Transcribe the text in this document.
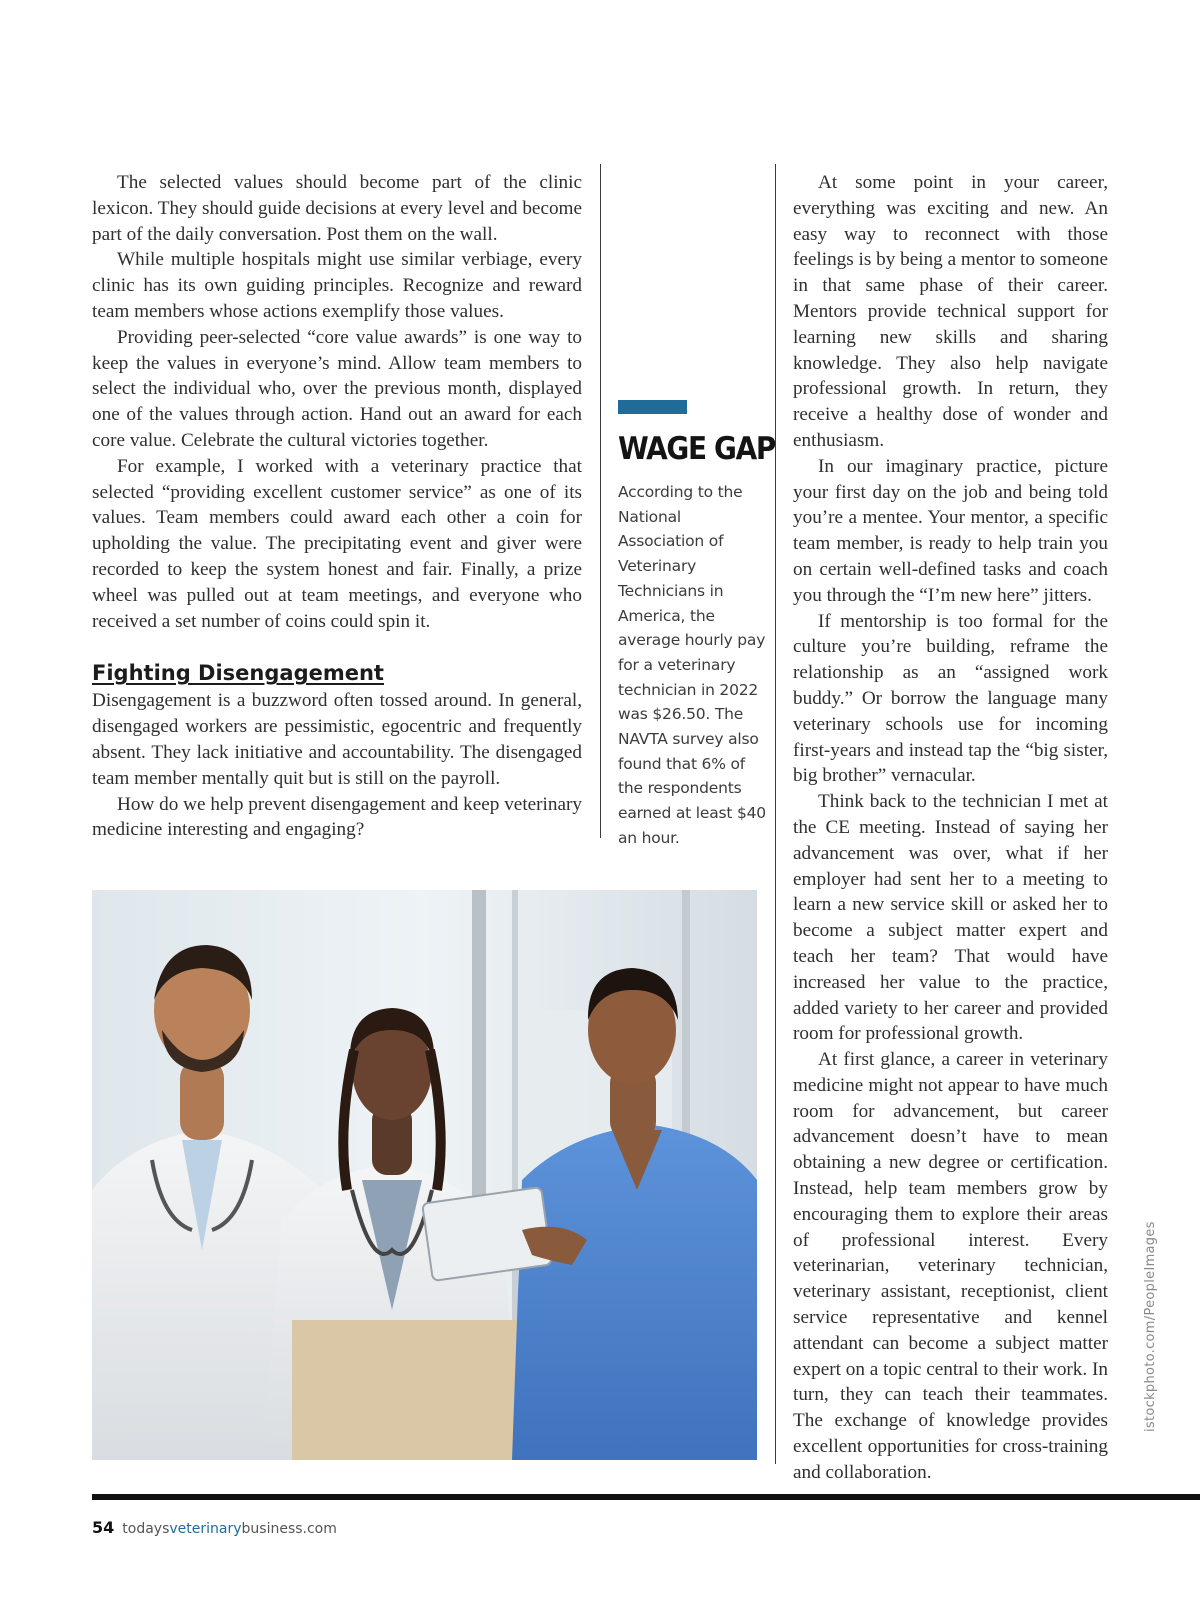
The selected values should become part of the clinic lexicon. They should guide decisions at every level and become part of the daily conversation. Post them on the wall.

While multiple hospitals might use similar verbiage, every clinic has its own guiding principles. Recognize and reward team members whose actions exemplify those values.

Providing peer-selected “core value awards” is one way to keep the values in everyone’s mind. Allow team members to select the individual who, over the previous month, displayed one of the values through action. Hand out an award for each core value. Celebrate the cultural victories together.

For example, I worked with a veterinary practice that selected “providing excellent customer service” as one of its values. Team members could award each other a coin for upholding the value. The precipitating event and giver were recorded to keep the system honest and fair. Finally, a prize wheel was pulled out at team meetings, and everyone who received a set number of coins could spin it.

Fighting Disengagement

Disengagement is a buzzword often tossed around. In general, disengaged workers are pessimistic, egocentric and frequently absent. They lack initiative and accountability. The disengaged team member mentally quit but is still on the payroll.

How do we help prevent disengagement and keep veterinary medicine interesting and engaging?

WAGE GAP
According to the National Association of Veterinary Technicians in America, the average hourly pay for a veterinary technician in 2022 was $26.50. The NAVTA survey also found that 6% of the respondents earned at least $40 an hour.

At some point in your career, everything was exciting and new. An easy way to reconnect with those feelings is by being a mentor to someone in that same phase of their career. Mentors provide technical support for learning new skills and sharing knowledge. They also help navigate professional growth. In return, they receive a healthy dose of wonder and enthusiasm.

In our imaginary practice, picture your first day on the job and being told you’re a mentee. Your mentor, a specific team member, is ready to help train you on certain well-defined tasks and coach you through the “I’m new here” jitters.

If mentorship is too formal for the culture you’re building, reframe the relationship as an “assigned work buddy.” Or borrow the language many veterinary schools use for incoming first-years and instead tap the “big sister, big brother” vernacular.

Think back to the technician I met at the CE meeting. Instead of saying her advancement was over, what if her employer had sent her to a meeting to learn a new service skill or asked her to become a subject matter expert and teach her team? That would have increased her value to the practice, added variety to her career and provided room for professional growth.

At first glance, a career in veterinary medicine might not appear to have much room for advancement, but career advancement doesn’t have to mean obtaining a new degree or certification. Instead, help team members grow by encouraging them to explore their areas of professional interest. Every veterinarian, veterinary technician, veterinary assistant, receptionist, client service representative and kennel attendant can become a subject matter expert on a topic central to their work. In turn, they can teach their teammates. The exchange of knowledge provides excellent opportunities for cross-training and collaboration.

istockphoto.com/PeopleImages
54 todaysveterinarybusiness.com
